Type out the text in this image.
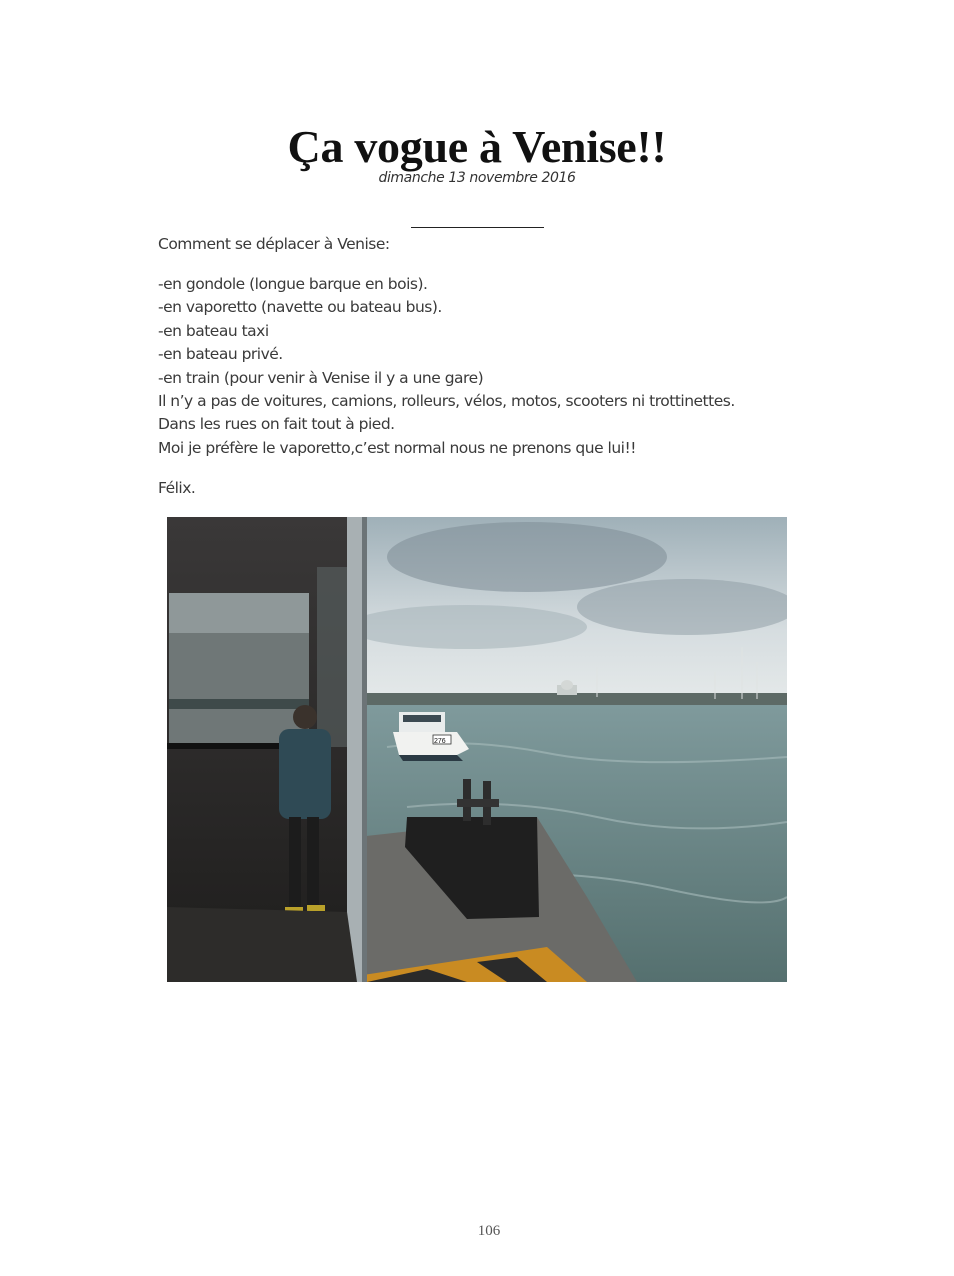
Ça vogue à Venise!!
dimanche 13 novembre 2016
Comment se déplacer à Venise:
-en gondole (longue barque en bois).
-en vaporetto (navette ou bateau bus).
-en bateau taxi
-en bateau privé.
-en train (pour venir à Venise il y a une gare)
Il n’y a pas de voitures, camions, rolleurs, vélos, motos, scooters ni trottinettes.
Dans les rues on fait tout à pied.
Moi je préfère le vaporetto,c’est normal nous ne prenons que lui!!
Félix.
276
106
